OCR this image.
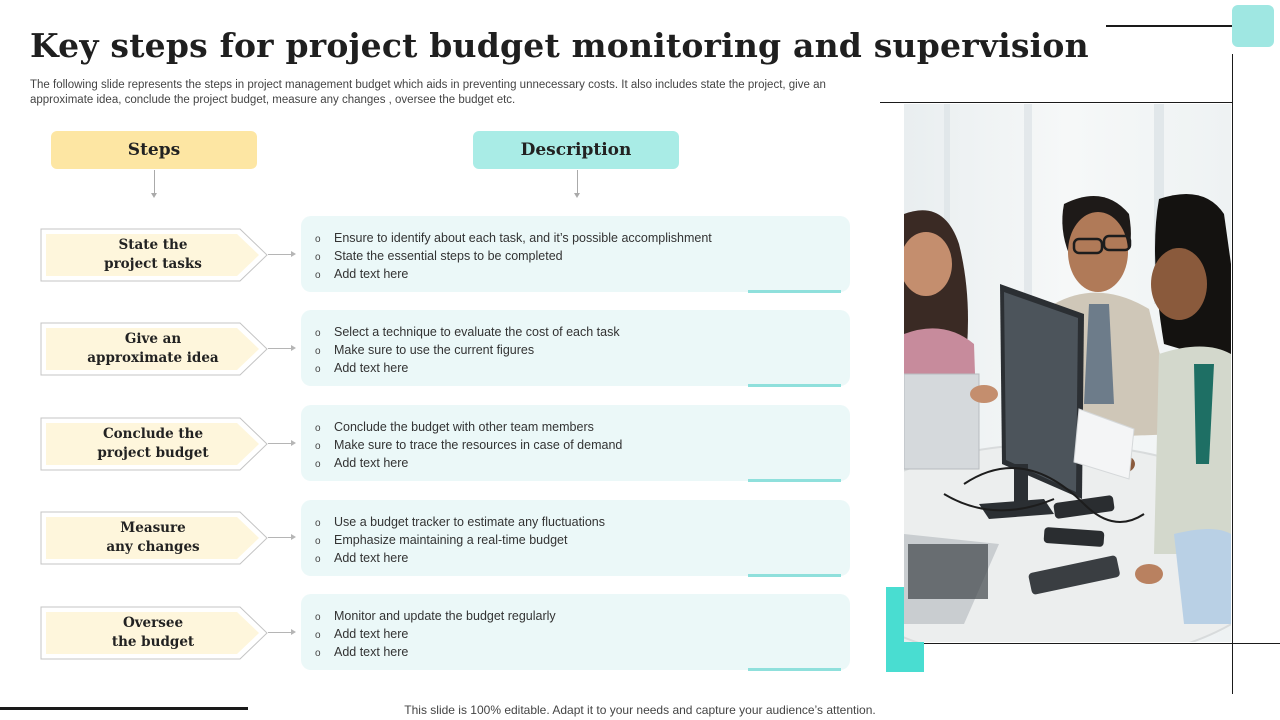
Key steps for project budget monitoring and supervision
The following slide represents the steps in project management budget which aids in preventing unnecessary costs. It also includes state the project, give an approximate idea, conclude the project budget, measure any changes , oversee the budget etc.
Steps	Description
State the
project tasks
o Ensure to identify about each task, and it’s possible accomplishment
o State the essential steps to be completed
o Add text here
Give an
approximate idea
o Select a technique to evaluate the cost of each task
o Make sure to use the current figures
o Add text here
Conclude the
project budget
o Conclude the budget with other team members
o Make sure to trace the resources in case of demand
o Add text here
Measure
any changes
o Use a budget tracker to estimate any fluctuations
o Emphasize maintaining a real-time budget
o Add text here
Oversee
the budget
o Monitor and update the budget regularly
o Add text here
o Add text here
This slide is 100% editable. Adapt it to your needs and capture your audience’s attention.
